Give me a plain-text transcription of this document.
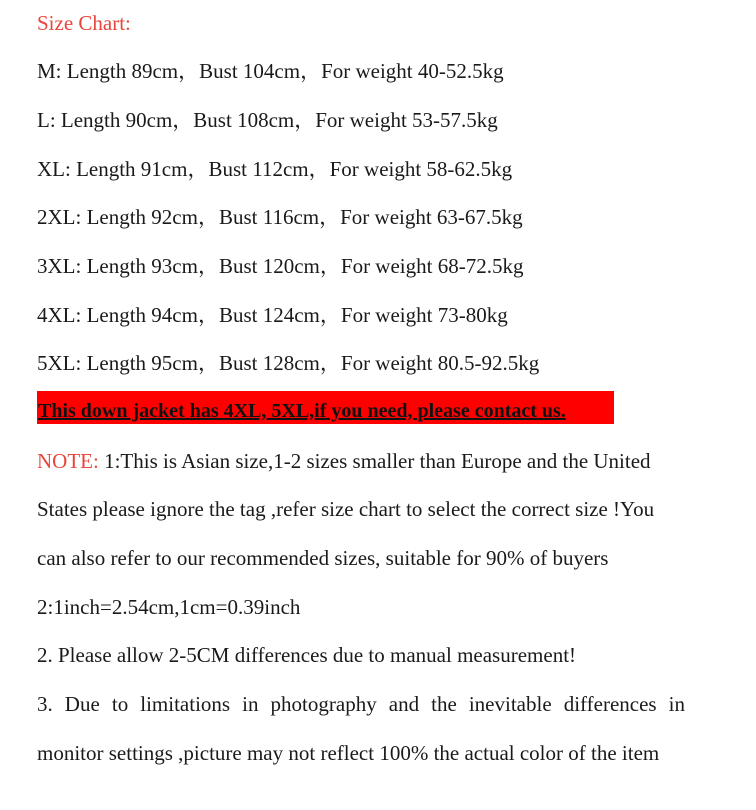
Size Chart:
M: Length 89cm，Bust 104cm，For weight 40-52.5kg
L: Length 90cm，Bust 108cm，For weight 53-57.5kg
XL: Length 91cm，Bust 112cm，For weight 58-62.5kg
2XL: Length 92cm，Bust 116cm，For weight 63-67.5kg
3XL: Length 93cm，Bust 120cm，For weight 68-72.5kg
4XL: Length 94cm，Bust 124cm，For weight 73-80kg
5XL: Length 95cm，Bust 128cm，For weight 80.5-92.5kg
This down jacket has 4XL, 5XL,if you need, please contact us.
NOTE: 1:This is Asian size,1-2 sizes smaller than Europe and the United
States please ignore the tag ,refer size chart to select the correct size !You
can also refer to our recommended sizes, suitable for 90% of buyers
2:1inch=2.54cm,1cm=0.39inch
2. Please allow 2-5CM differences due to manual measurement!
3. Due to limitations in photography and the inevitable differences in
monitor settings ,picture may not reflect 100% the actual color of the item
